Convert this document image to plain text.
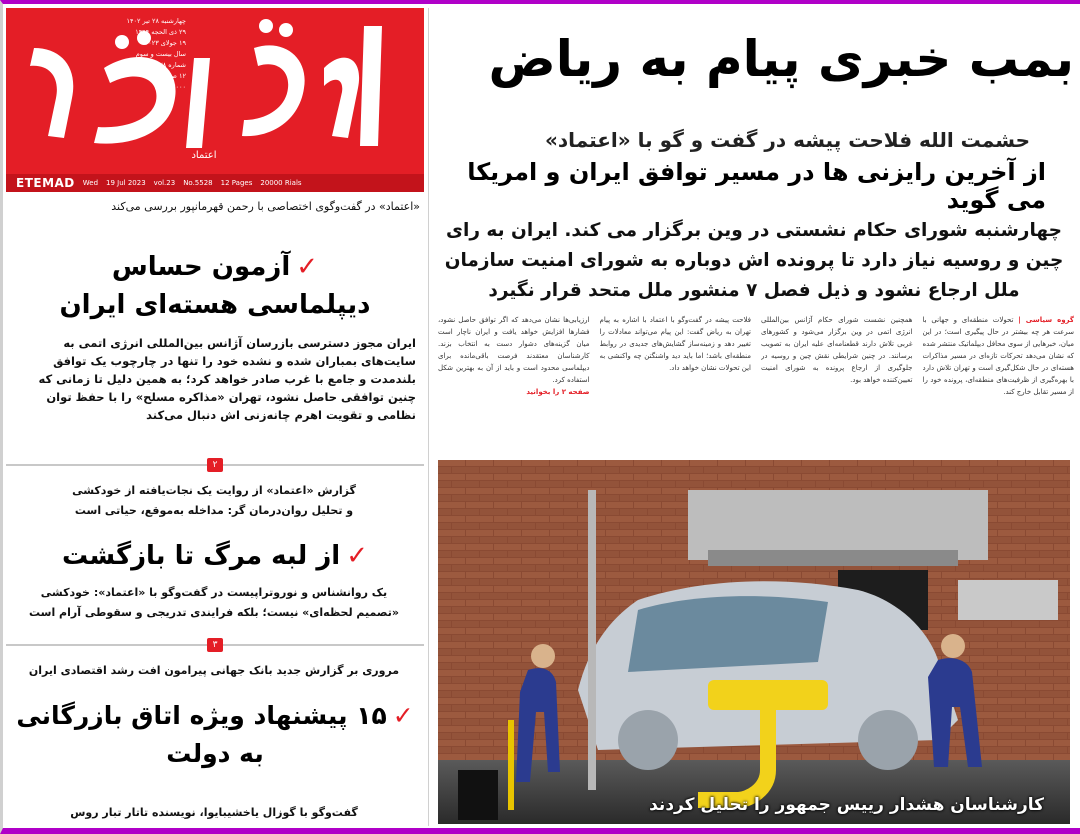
اعتماد
چهارشنبه ۲۸ تیر ۱۴۰۲
۲۹ ذی الحجه ۱۴۴۴
۱۹ جولای ۲۰۲۳
سال بیست و سوم
شماره ۵۵۲۸
۱۲ صفحه
۲۰۰۰ تومان
ETEMAD Wed 19 Jul 2023 vol.23 No.5528 12 Pages 20000 Rials
«اعتماد» در گفت‌وگوی اختصاصی با رحمن قهرمانپور بررسی می‌کند
✓آزمون حساس
دیپلماسی هسته‌ای ایران
ایران مجوز دسترسی بازرسان آژانس بین‌المللی انرژی اتمی به سایت‌های بمباران شده و نشده خود را تنها در چارچوب یک توافق بلندمدت و جامع با غرب صادر خواهد کرد؛ به همین دلیل تا زمانی که چنین توافقی حاصل نشود، تهران «مذاکره مسلح» را با حفظ توان نظامی و تقویت اهرم چانه‌زنی اش دنبال می‌کند
۲
گزارش «اعتماد» از روایت یک نجات‌یافته از خودکشی
و تحلیل روان‌درمان گر: مداخله به‌موقع، حیاتی است
✓از لبه مرگ تا بازگشت
یک روانشناس و نوروتراپیست در گفت‌وگو با «اعتماد»: خودکشی
«تصمیم لحظه‌ای» نیست؛ بلکه فرایندی تدریجی و سقوطی آرام است
۳
مروری بر گزارش جدید بانک جهانی پیرامون افت رشد اقتصادی ایران
✓۱۵ پیشنهاد ویژه اتاق بازرگانی
به دولت
گفت‌وگو با گوزال یاخشیبایوا، نویسنده تاتار تبار روس
بمب خبری پیام به ریاض
حشمت الله فلاحت پیشه در گفت و گو با «اعتماد»
از آخرین رایزنی ها در مسیر توافق ایران و امریکا می گوید
چهارشنبه شورای حکام نشستی در وین برگزار می کند. ایران به رای چین و روسیه نیاز دارد تا پرونده اش دوباره به شورای امنیت سازمان ملل ارجاع نشود و ذیل فصل ۷ منشور ملل متحد قرار نگیرد
گروه سیاسی | تحولات منطقه‌ای و جهانی با سرعت هر چه بیشتر در حال پیگیری است؛ در این میان، خبرهایی از سوی محافل دیپلماتیک منتشر شده که نشان می‌دهد تحرکات تازه‌ای در مسیر مذاکرات هسته‌ای در حال شکل‌گیری است و تهران تلاش دارد با بهره‌گیری از ظرفیت‌های منطقه‌ای، پرونده خود را از مسیر تقابل خارج کند.
همچنین نشست شورای حکام آژانس بین‌المللی انرژی اتمی در وین برگزار می‌شود و کشورهای غربی تلاش دارند قطعنامه‌ای علیه ایران به تصویب برسانند. در چنین شرایطی نقش چین و روسیه در جلوگیری از ارجاع پرونده به شورای امنیت تعیین‌کننده خواهد بود.
فلاحت پیشه در گفت‌وگو با اعتماد با اشاره به پیام تهران به ریاض گفت: این پیام می‌تواند معادلات را تغییر دهد و زمینه‌ساز گشایش‌های جدیدی در روابط منطقه‌ای باشد؛ اما باید دید واشنگتن چه واکنشی به این تحولات نشان خواهد داد.
ارزیابی‌ها نشان می‌دهد که اگر توافق حاصل نشود، فشارها افزایش خواهد یافت و ایران ناچار است میان گزینه‌های دشوار دست به انتخاب بزند. کارشناسان معتقدند فرصت باقی‌مانده برای دیپلماسی محدود است و باید از آن به بهترین شکل استفاده کرد.
صفحه ۲ را بخوانید
کارشناسان هشدار رییس جمهور را تحلیل کردند
